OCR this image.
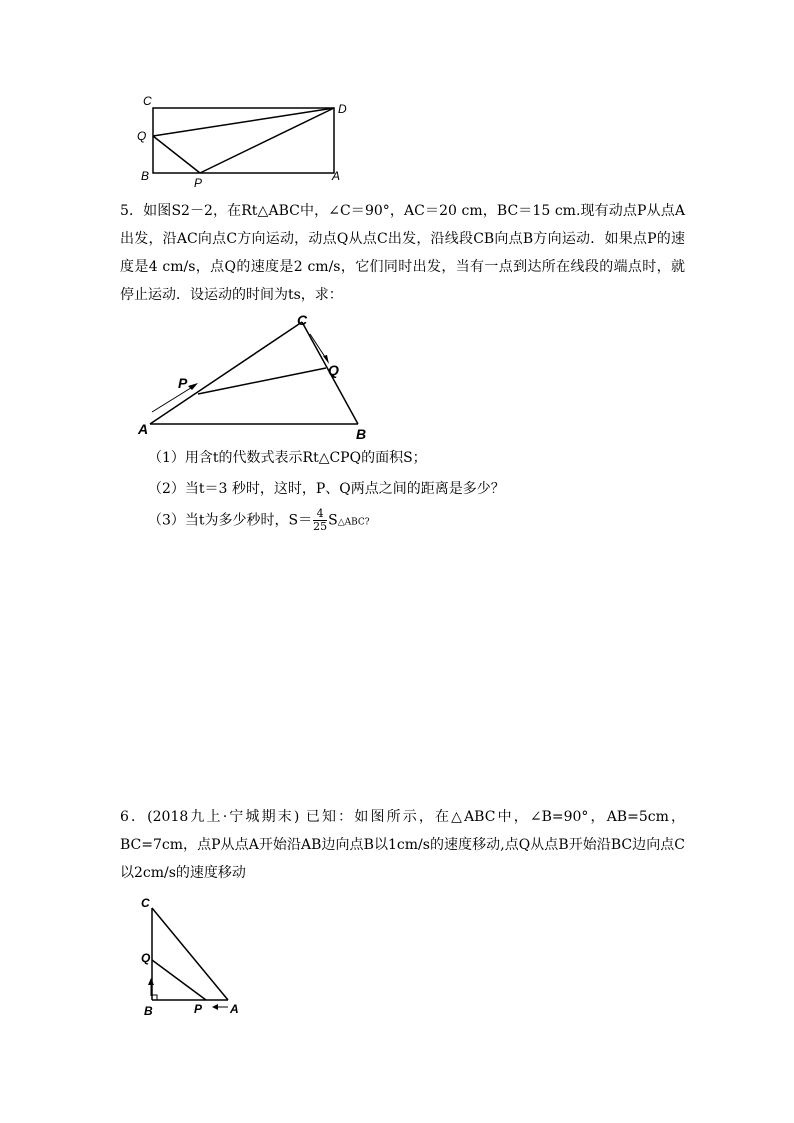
C
D
Q
B	P	A
5．如图S2－2，在Rt△ABC中，∠C＝90°，AC＝20 cm，BC＝15 cm.现有动点P从点A出发，沿AC向点C方向运动，动点Q从点C出发，沿线段CB向点B方向运动．如果点P的速度是4 cm/s，点Q的速度是2 cm/s，它们同时出发，当有一点到达所在线段的端点时，就停止运动．设运动的时间为ts，求：
C
Q
P
A	B
（1）用含t的代数式表示Rt△CPQ的面积S；
（2）当t＝3 秒时，这时，P、Q两点之间的距离是多少？
（3）当t为多少秒时，$S= \frac{4}{25}$ S△ABC?
6．(2018九上·宁城期末) 已知：如图所示，在△ABC中，∠B=90°，AB=5cm，BC=7cm，点P从点A开始沿AB边向点B以1cm/s的速度移动,点Q从点B开始沿BC边向点C以2cm/s的速度移动
C
Q
B	P A
